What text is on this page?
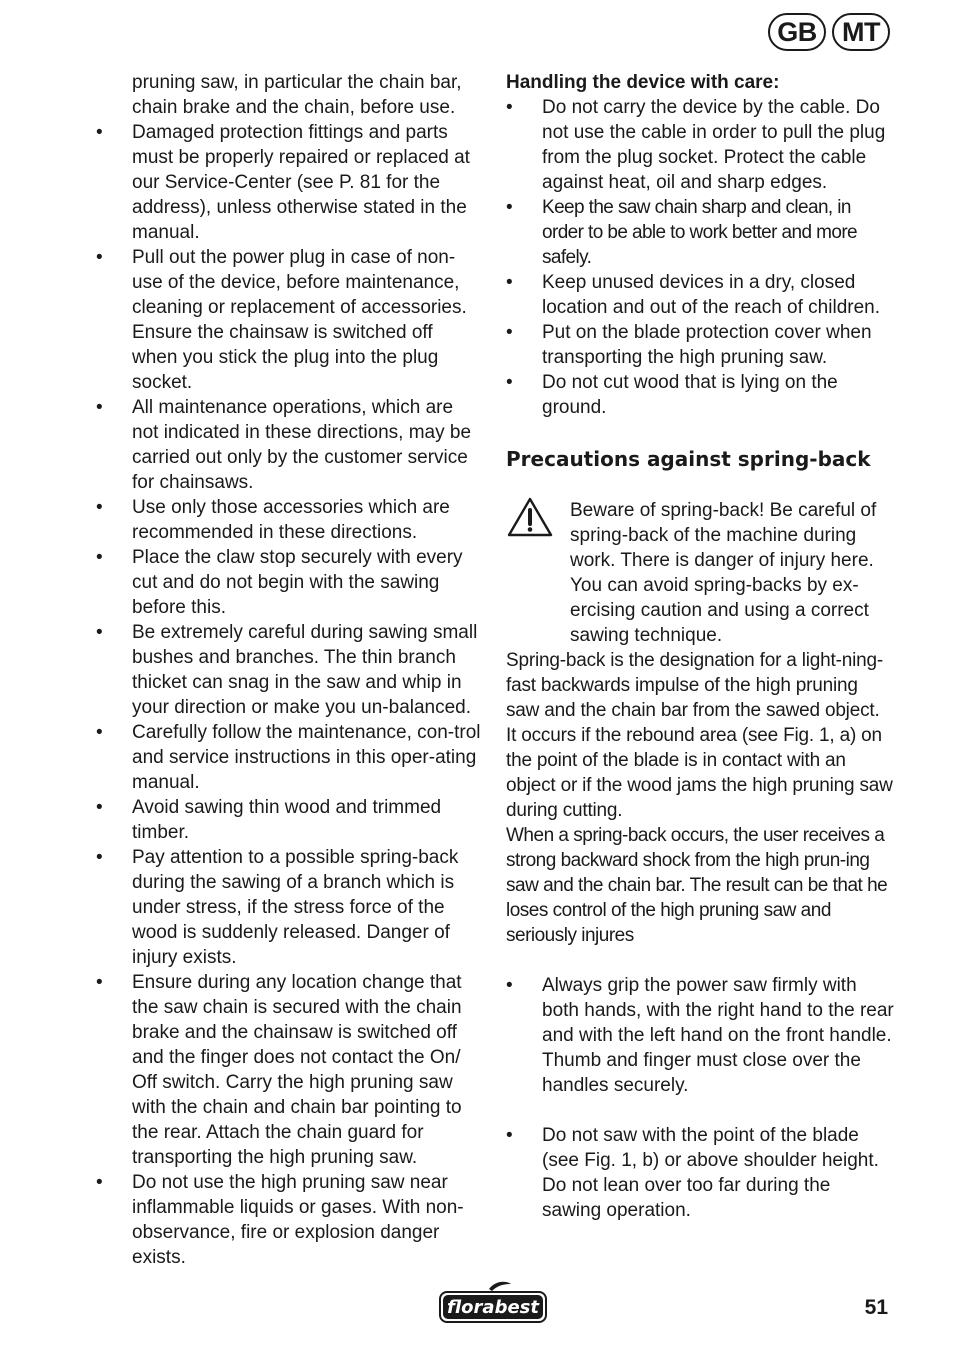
GB MT
pruning saw, in particular the chain bar, chain brake and the chain, before use.
• Damaged protection fittings and parts must be properly repaired or replaced at our Service-Center (see P. 81 for the address), unless otherwise stated in the manual.
• Pull out the power plug in case of non-use of the device, before maintenance, cleaning or replacement of accessories. Ensure the chainsaw is switched off when you stick the plug into the plug socket.
• All maintenance operations, which are not indicated in these directions, may be carried out only by the customer service for chainsaws.
• Use only those accessories which are recommended in these directions.
• Place the claw stop securely with every cut and do not begin with the sawing before this.
• Be extremely careful during sawing small bushes and branches. The thin branch thicket can snag in the saw and whip in your direction or make you un-balanced.
• Carefully follow the maintenance, con-trol and service instructions in this oper-ating manual.
• Avoid sawing thin wood and trimmed timber.
• Pay attention to a possible spring-back during the sawing of a branch which is under stress, if the stress force of the wood is suddenly released. Danger of injury exists.
• Ensure during any location change that the saw chain is secured with the chain brake and the chainsaw is switched off and the finger does not contact the On/ Off switch. Carry the high pruning saw with the chain and chain bar pointing to the rear. Attach the chain guard for transporting the high pruning saw.
• Do not use the high pruning saw near inflammable liquids or gases. With non-observance, fire or explosion danger exists.

Handling the device with care:

• Do not carry the device by the cable. Do not use the cable in order to pull the plug from the plug socket. Protect the cable against heat, oil and sharp edges.
• Keep the saw chain sharp and clean, in order to be able to work better and more safely.
• Keep unused devices in a dry, closed location and out of the reach of children.
• Put on the blade protection cover when transporting the high pruning saw.
• Do not cut wood that is lying on the ground.
Precautions against spring-back

Beware of spring-back! Be careful of spring-back of the machine during work. There is danger of injury here. You can avoid spring-backs by ex-ercising caution and using a correct sawing technique.

Spring-back is the designation for a light-ning-fast backwards impulse of the high pruning saw and the chain bar from the sawed object. It occurs if the rebound area (see Fig. 1, a) on the point of the blade is in contact with an object or if the wood jams the high pruning saw during cutting.

When a spring-back occurs, the user receives a strong backward shock from the high prun-ing saw and the chain bar. The result can be that he loses control of the high pruning saw and seriously injures

• Always grip the power saw firmly with both hands, with the right hand to the rear and with the left hand on the front handle. Thumb and finger must close over the handles securely.
• Do not saw with the point of the blade (see Fig. 1, b) or above shoulder height. Do not lean over too far during the sawing operation.
florabest	51
